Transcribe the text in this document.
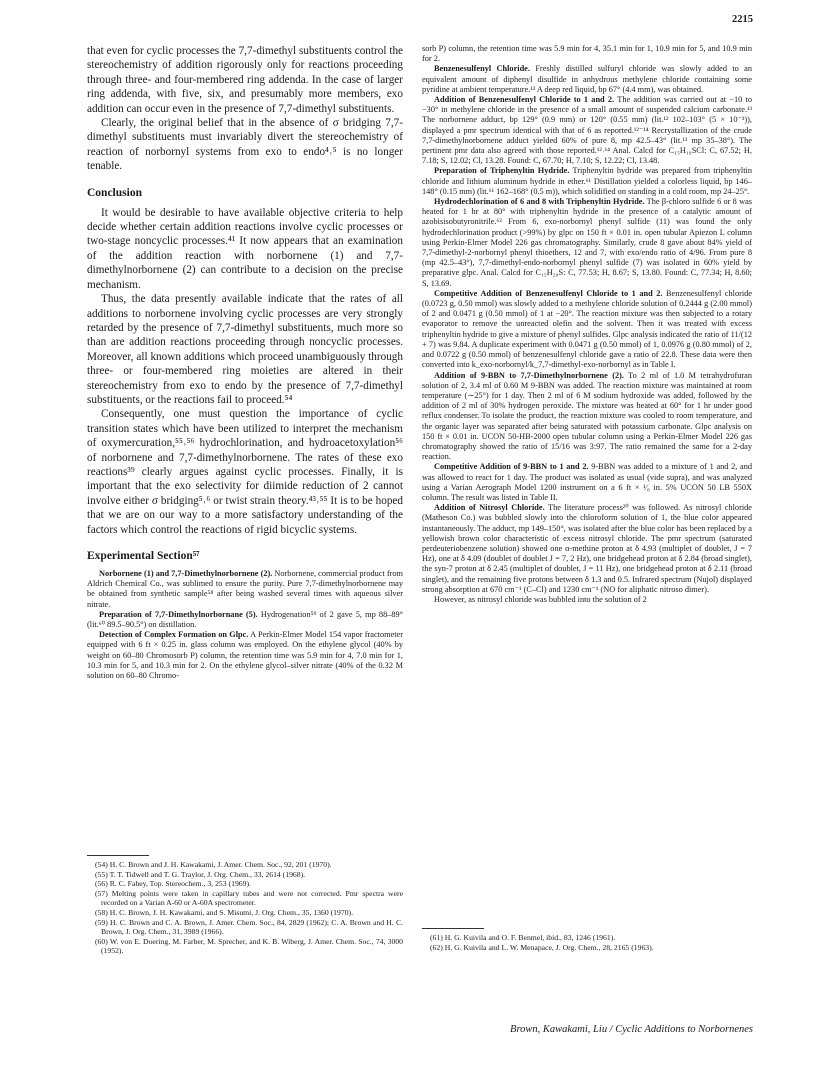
2215

that even for cyclic processes the 7,7-dimethyl substituents control the stereochemistry of addition rigorously only for reactions proceeding through three- and four-membered ring addenda. In the case of larger ring addenda, with five, six, and presumably more members, exo addition can occur even in the presence of 7,7-dimethyl substituents.

Clearly, the original belief that in the absence of σ bridging 7,7-dimethyl substituents must invariably divert the stereochemistry of reaction of norbornyl systems from exo to endo⁴˒⁵ is no longer tenable.

Conclusion

It would be desirable to have available objective criteria to help decide whether certain addition reactions involve cyclic processes or two-stage noncyclic processes.⁴¹ It now appears that an examination of the addition reaction with norbornene (1) and 7,7-dimethylnorbornene (2) can contribute to a decision on the precise mechanism.

Thus, the data presently available indicate that the rates of all additions to norbornene involving cyclic processes are very strongly retarded by the presence of 7,7-dimethyl substituents, much more so than are addition reactions proceeding through noncyclic processes. Moreover, all known additions which proceed unambiguously through three- or four-membered ring moieties are altered in their stereochemistry from exo to endo by the presence of 7,7-dimethyl substituents, or the reactions fail to proceed.⁵⁴

Consequently, one must question the importance of cyclic transition states which have been utilized to interpret the mechanism of oxymercuration,⁵⁵˒⁵⁶ hydrochlorination, and hydroacetoxylation⁵⁶ of norbornene and 7,7-dimethylnorbornene. The rates of these exo reactions³⁹ clearly argues against cyclic processes. Finally, it is important that the exo selectivity for diimide reduction of 2 cannot involve either σ bridging⁵˒⁶ or twist strain theory.⁴³˒⁵⁵ It is to be hoped that we are on our way to a more satisfactory understanding of the factors which control the reactions of rigid bicyclic systems.

Experimental Section⁵⁷

Norbornene (1) and 7,7-Dimethylnorbornene (2). Norbornene, commercial product from Aldrich Chemical Co., was sublimed to ensure the purity. Pure 7,7-dimethylnorbornene may be obtained from synthetic sample⁵⁸ after being washed several times with aqueous silver nitrate.

Preparation of 7,7-Dimethylnorbornane (5). Hydrogenation⁵⁹ of 2 gave 5, mp 88–89° (lit.⁶⁰ 89.5–90.5°) on distillation.

Detection of Complex Formation on Glpc. A Perkin-Elmer Model 154 vapor fractometer equipped with 6 ft × 0.25 in. glass column was employed. On the ethylene glycol (40% by weight on 60–80 Chromosorb P) column, the retention time was 5.9 min for 4, 7.0 min for 1, 10.3 min for 5, and 10.3 min for 2. On the ethylene glycol–silver nitrate (40% of the 0.32 M solution on 60–80 Chromo-

(54) H. C. Brown and J. H. Kawakami, J. Amer. Chem. Soc., 92, 201 (1970).

(55) T. T. Tidwell and T. G. Traylor, J. Org. Chem., 33, 2614 (1968).

(56) R. C. Fahey, Top. Stereochem., 3, 253 (1969).

(57) Melting points were taken in capillary tubes and were not corrected. Pmr spectra were recorded on a Varian A-60 or A-60A spectrometer.

(58) H. C. Brown, J. H. Kawakami, and S. Misumi, J. Org. Chem., 35, 1360 (1970).

(59) H. C. Brown and C. A. Brown, J. Amer. Chem. Soc., 84, 2829 (1962); C. A. Brown and H. C. Brown, J. Org. Chem., 31, 3989 (1966).

(60) W. von E. Doering, M. Farber, M. Sprecher, and K. B. Wiberg, J. Amer. Chem. Soc., 74, 3000 (1952).

sorb P) column, the retention time was 5.9 min for 4, 35.1 min for 1, 10.9 min for 5, and 10.9 min for 2.

Benzenesulfenyl Chloride. Freshly distilled sulfuryl chloride was slowly added to an equivalent amount of diphenyl disulfide in anhydrous methylene chloride containing some pyridine at ambient temperature.¹² A deep red liquid, bp 67° (4.4 mm), was obtained.

Addition of Benzenesulfenyl Chloride to 1 and 2. The addition was carried out at −10 to −30° in methylene chloride in the presence of a small amount of suspended calcium carbonate.¹³ The norbornene adduct, bp 129° (0.9 mm) or 120° (0.55 mm) (lit.¹² 102–103° (5 × 10⁻³)), displayed a pmr spectrum identical with that of 6 as reported.¹²⁻¹⁴ Recrystallization of the crude 7,7-dimethylnorbornene adduct yielded 60% of pure 8, mp 42.5–43° (lit.¹³ mp 35–38°). The pertinent pmr data also agreed with those reported.¹²˒¹⁴ Anal. Calcd for C₁₅H₁₉SCl: C, 67.52; H, 7.18; S, 12.02; Cl, 13.28. Found: C, 67.70; H, 7.10; S, 12.22; Cl, 13.48.

Preparation of Triphenyltin Hydride. Triphenyltin hydride was prepared from triphenyltin chloride and lithium aluminum hydride in ether.⁶¹ Distillation yielded a colorless liquid, bp 146–148° (0.15 mm) (lit.⁶¹ 162–168° (0.5 m)), which solidified on standing in a cold room, mp 24–25°.

Hydrodechlorination of 6 and 8 with Triphenyltin Hydride. The β-chloro sulfide 6 or 8 was heated for 1 hr at 80° with triphenyltin hydride in the presence of a catalytic amount of azobisisobutyronitrile.⁶² From 6, exo-norbornyl phenyl sulfide (11) was found the only hydrodechlorination product (>99%) by glpc on 150 ft × 0.01 in. open tubular Apiezon L column using Perkin-Elmer Model 226 gas chromatography. Similarly, crude 8 gave about 84% yield of 7,7-dimethyl-2-norbornyl phenyl thioethers, 12 and 7, with exo/endo ratio of 4/96. From pure 8 (mp 42.5–43°), 7,7-dimethyl-endo-norbornyl phenyl sulfide (7) was isolated in 60% yield by preparative glpc. Anal. Calcd for C₁₅H₂₀S: C, 77.53; H, 8.67; S, 13.80. Found: C, 77.34; H, 8.60; S, 13.69.

Competitive Addition of Benzenesulfenyl Chloride to 1 and 2. Benzenesulfenyl chloride (0.0723 g, 0.50 mmol) was slowly added to a methylene chloride solution of 0.2444 g (2.00 mmol) of 2 and 0.0471 g (0.50 mmol) of 1 at −20°. The reaction mixture was then subjected to a rotary evaporator to remove the unreacted olefin and the solvent. Then it was treated with excess triphenyltin hydride to give a mixture of phenyl sulfides. Glpc analysis indicated the ratio of 11/(12 + 7) was 9.84. A duplicate experiment with 0.0471 g (0.50 mmol) of 1, 0.0976 g (0.80 mmol) of 2, and 0.0722 g (0.50 mmol) of benzenesulfenyl chloride gave a ratio of 22.8. These data were then converted into k_exo-norbornyl/k_7,7-dimethyl-exo-norbornyl as in Table I.

Addition of 9-BBN to 7,7-Dimethylnorbornene (2). To 2 ml of 1.0 M tetrahydrofuran solution of 2, 3.4 ml of 0.60 M 9-BBN was added. The reaction mixture was maintained at room temperature (∼25°) for 1 day. Then 2 ml of 6 M sodium hydroxide was added, followed by the addition of 2 ml of 30% hydrogen peroxide. The mixture was heated at 60° for 1 hr under good reflux condenser. To isolate the product, the reaction mixture was cooled to room temperature, and the organic layer was separated after being saturated with potassium carbonate. Glpc analysis on 150 ft × 0.01 in. UCON 50-HB-2000 open tubular column using a Perkin-Elmer Model 226 gas chromatography showed the ratio of 15/16 was 3:97. The ratio remained the same for a 2-day reaction.

Competitive Addition of 9-BBN to 1 and 2. 9-BBN was added to a mixture of 1 and 2, and was allowed to react for 1 day. The product was isolated as usual (vide supra), and was analyzed using a Varian Aerograph Model 1200 instrument on a 6 ft × ¹⁄₈ in. 5% UCON 50 LB 550X column. The result was listed in Table II.

Addition of Nitrosyl Chloride. The literature process²⁰ was followed. As nitrosyl chloride (Matheson Co.) was bubbled slowly into the chloroform solution of 1, the blue color appeared instantaneously. The adduct, mp 149–150°, was isolated after the blue color has been replaced by a yellowish brown color characteristic of excess nitrosyl chloride. The pmr spectrum (saturated perdeuteriobenzene solution) showed one α-methine proton at δ 4.93 (multiplet of doublet, J = 7 Hz), one at δ 4.09 (doublet of doublet J = 7, 2 Hz), one bridgehead proton at δ 2.84 (broad singlet), the syn-7 proton at δ 2.45 (multiplet of doublet, J = 11 Hz), one bridgehead proton at δ 2.11 (broad singlet), and the remaining five protons between δ 1.3 and 0.5. Infrared spectrum (Nujol) displayed strong absorption at 670 cm⁻¹ (C–Cl) and 1230 cm⁻¹ (NO for aliphatic nitroso dimer).

However, as nitrosyl chloride was bubbled into the solution of 2

(61) H. G. Kuivila and O. F. Benmel, ibid., 83, 1246 (1961).

(62) H. G. Kuivila and L. W. Menapace, J. Org. Chem., 28, 2165 (1963).

Brown, Kawakami, Liu / Cyclic Additions to Norbornenes
